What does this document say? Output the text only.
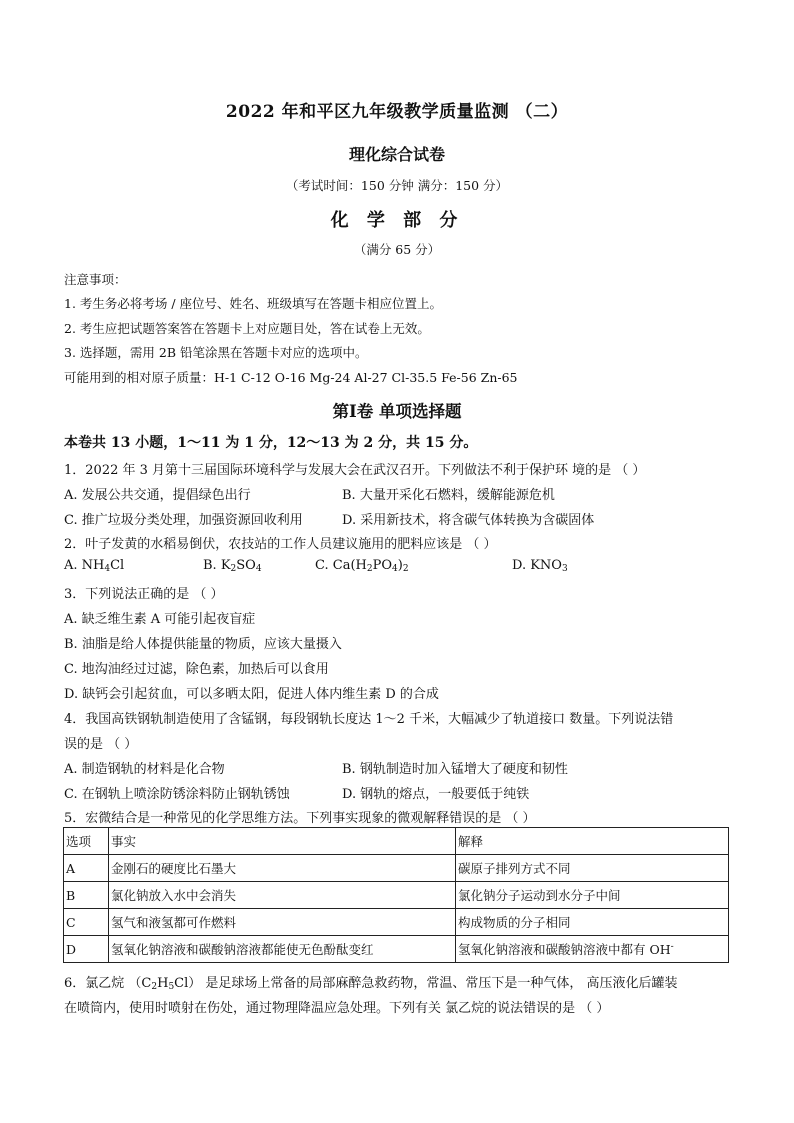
2022 年和平区九年级教学质量监测 （二）
理化综合试卷
（考试时间：150 分钟 满分：150 分）
化 学 部 分
（满分 65 分）
注意事项：
1. 考生务必将考场 / 座位号、姓名、班级填写在答题卡相应位置上。
2. 考生应把试题答案答在答题卡上对应题目处，答在试卷上无效。
3. 选择题，需用 2B 铅笔涂黑在答题卡对应的选项中。
可能用到的相对原子质量：H-1 C-12 O-16 Mg-24 Al-27 Cl-35.5 Fe-56 Zn-65
第Ⅰ卷 单项选择题
本卷共 13 小题，1～11 为 1 分，12～13 为 2 分，共 15 分。
1．2022 年 3 月第十三届国际环境科学与发展大会在武汉召开。下列做法不利于保护环 境的是 （ ）
A. 发展公共交通，提倡绿色出行	B. 大量开采化石燃料，缓解能源危机
C. 推广垃圾分类处理，加强资源回收利用	D. 采用新技术，将含碳气体转换为含碳固体
2．叶子发黄的水稻易倒伏，农技站的工作人员建议施用的肥料应该是 （ ）
A. $NH_4Cl$	B. $K_2SO_4$	C. $Ca(H_2PO_4)_2$	D. $KNO_3$
3．下列说法正确的是 （ ）
A. 缺乏维生素 A 可能引起夜盲症
B. 油脂是给人体提供能量的物质，应该大量摄入
C. 地沟油经过过滤，除色素，加热后可以食用
D. 缺钙会引起贫血，可以多晒太阳，促进人体内维生素 D 的合成
4．我国高铁钢轨制造使用了含锰钢，每段钢轨长度达 1～2 千米，大幅减少了轨道接口 数量。下列说法错
误的是 （ ）
A. 制造钢轨的材料是化合物	B. 钢轨制造时加入锰增大了硬度和韧性
C. 在钢轨上喷涂防锈涂料防止钢轨锈蚀	D. 钢轨的熔点，一般要低于纯铁
5．宏微结合是一种常见的化学思维方法。下列事实现象的微观解释错误的是 （ ）
选项	事实	解释
A	金刚石的硬度比石墨大	碳原子排列方式不同
B	氯化钠放入水中会消失	氯化钠分子运动到水分子中间
C	氢气和液氢都可作燃料	构成物质的分子相同
D	氢氧化钠溶液和碳酸钠溶液都能使无色酚酞变红	氢氧化钠溶液和碳酸钠溶液中都有 OH-
6．氯乙烷 $(C_2H_5Cl)$ 是足球场上常备的局部麻醉急救药物，常温、常压下是一种气体， 高压液化后罐装
在喷筒内，使用时喷射在伤处，通过物理降温应急处理。下列有关 氯乙烷的说法错误的是 （ ）
